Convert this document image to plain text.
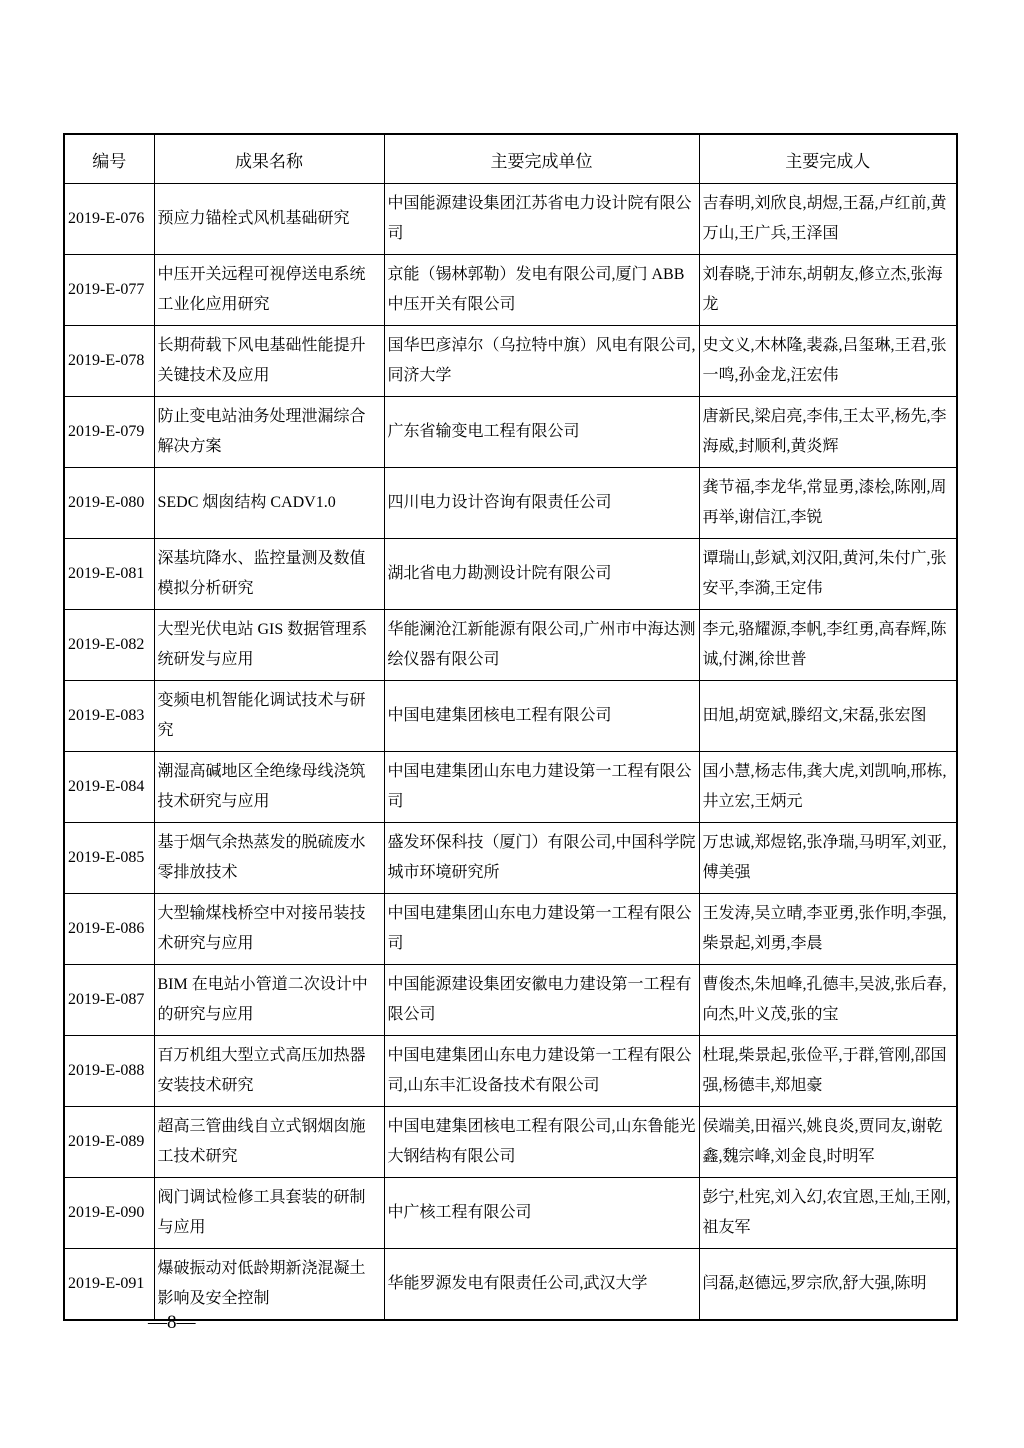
编号	成果名称	主要完成单位	主要完成人
2019-E-076	预应力锚栓式风机基础研究	中国能源建设集团江苏省电力设计院有限公司	吉春明,刘欣良,胡煜,王磊,卢红前,黄万山,王广兵,王泽国
2019-E-077	中压开关远程可视停送电系统工业化应用研究	京能（锡林郭勒）发电有限公司,厦门 ABB 中压开关有限公司	刘春晓,于沛东,胡朝友,修立杰,张海龙
2019-E-078	长期荷载下风电基础性能提升关键技术及应用	国华巴彦淖尔（乌拉特中旗）风电有限公司,同济大学	史文义,木林隆,裴淼,吕玺琳,王君,张一鸣,孙金龙,汪宏伟
2019-E-079	防止变电站油务处理泄漏综合解决方案	广东省输变电工程有限公司	唐新民,梁启亮,李伟,王太平,杨先,李海威,封顺利,黄炎辉
2019-E-080	SEDC 烟囱结构 CADV1.0	四川电力设计咨询有限责任公司	龚节福,李龙华,常显勇,漆桧,陈刚,周再举,谢信江,李锐
2019-E-081	深基坑降水、监控量测及数值模拟分析研究	湖北省电力勘测设计院有限公司	谭瑞山,彭斌,刘汉阳,黄河,朱付广,张安平,李漪,王定伟
2019-E-082	大型光伏电站 GIS 数据管理系统研发与应用	华能澜沧江新能源有限公司,广州市中海达测绘仪器有限公司	李元,骆耀源,李帆,李红勇,高春辉,陈诚,付渊,徐世普
2019-E-083	变频电机智能化调试技术与研究	中国电建集团核电工程有限公司	田旭,胡宽斌,滕绍文,宋磊,张宏图
2019-E-084	潮湿高碱地区全绝缘母线浇筑技术研究与应用	中国电建集团山东电力建设第一工程有限公司	国小慧,杨志伟,龚大虎,刘凯响,邢栋,井立宏,王炳元
2019-E-085	基于烟气余热蒸发的脱硫废水零排放技术	盛发环保科技（厦门）有限公司,中国科学院城市环境研究所	万忠诚,郑煜铭,张净瑞,马明军,刘亚,傅美强
2019-E-086	大型输煤栈桥空中对接吊装技术研究与应用	中国电建集团山东电力建设第一工程有限公司	王发涛,吴立晴,李亚勇,张作明,李强,柴景起,刘勇,李晨
2019-E-087	BIM 在电站小管道二次设计中的研究与应用	中国能源建设集团安徽电力建设第一工程有限公司	曹俊杰,朱旭峰,孔德丰,吴波,张后春,向杰,叶义茂,张的宝
2019-E-088	百万机组大型立式高压加热器安装技术研究	中国电建集团山东电力建设第一工程有限公司,山东丰汇设备技术有限公司	杜琨,柴景起,张俭平,于群,管刚,邵国强,杨德丰,郑旭豪
2019-E-089	超高三管曲线自立式钢烟囱施工技术研究	中国电建集团核电工程有限公司,山东鲁能光大钢结构有限公司	侯端美,田福兴,姚良炎,贾同友,谢乾鑫,魏宗峰,刘金良,时明军
2019-E-090	阀门调试检修工具套装的研制与应用	中广核工程有限公司	彭宁,杜宪,刘入幻,农宜恩,王灿,王刚,祖友军
2019-E-091	爆破振动对低龄期新浇混凝土影响及安全控制	华能罗源发电有限责任公司,武汉大学	闫磊,赵德远,罗宗欣,舒大强,陈明
—8—
